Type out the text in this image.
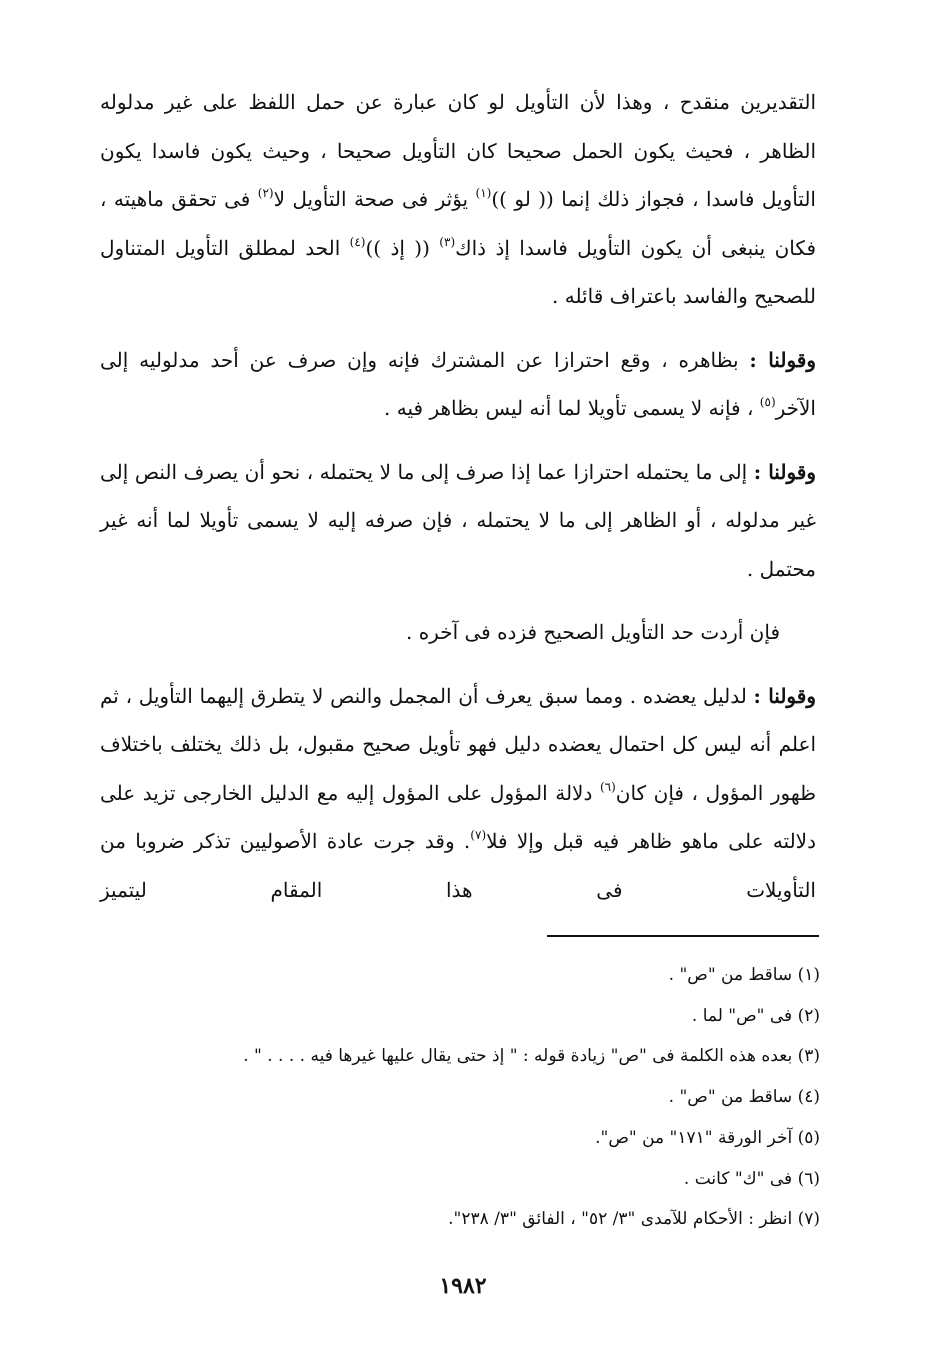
التقديرين منقدح ، وهذا لأن التأويل لو كان عبارة عن حمل اللفظ على غير مدلوله الظاهر ، فحيث يكون الحمل صحيحا كان التأويل صحيحا ، وحيث يكون فاسدا يكون التأويل فاسدا ، فجواز ذلك إنما (( لو ))$^{(١)}$ يؤثر فى صحة التأويل لا$^{(٢)}$ فى تحقق ماهيته ، فكان ينبغى أن يكون التأويل فاسدا إذ ذاك$^{(٣)}$ (( إذ ))$^{(٤)}$ الحد لمطلق التأويل المتناول للصحيح والفاسد باعتراف قائله .

وقولنا : بظاهره ، وقع احترازا عن المشترك فإنه وإن صرف عن أحد مدلوليه إلى الآخر$^{(٥)}$ ، فإنه لا يسمى تأويلا لما أنه ليس بظاهر فيه .

وقولنا : إلى ما يحتمله احترازا عما إذا صرف إلى ما لا يحتمله ، نحو أن يصرف النص إلى غير مدلوله ، أو الظاهر إلى ما لا يحتمله ، فإن صرفه إليه لا يسمى تأويلا لما أنه غير محتمل .

فإن أردت حد التأويل الصحيح فزده فى آخره .

وقولنا : لدليل يعضده . ومما سبق يعرف أن المجمل والنص لا يتطرق إليهما التأويل ، ثم اعلم أنه ليس كل احتمال يعضده دليل فهو تأويل صحيح مقبول، بل ذلك يختلف باختلاف ظهور المؤول ، فإن كان$^{(٦)}$ دلالة المؤول على المؤول إليه مع الدليل الخارجى تزيد على دلالته على ماهو ظاهر فيه قبل وإلا فلا$^{(٧)}$. وقد جرت عادة الأصوليين تذكر ضروبا من التأويلات فى هذا المقام ليتميز

(١) ساقط من "ص" .
(٢) فى "ص" لما .
(٣) بعده هذه الكلمة فى "ص" زيادة قوله : " إذ حتى يقال عليها غيرها فيه . . . . " .
(٤) ساقط من "ص" .
(٥) آخر الورقة "١٧١" من "ص".
(٦) فى "ك" كانت .
(٧) انظر : الأحكام للآمدى "٣/ ٥٢" ، الفائق "٣/ ٢٣٨".
١٩٨٢
